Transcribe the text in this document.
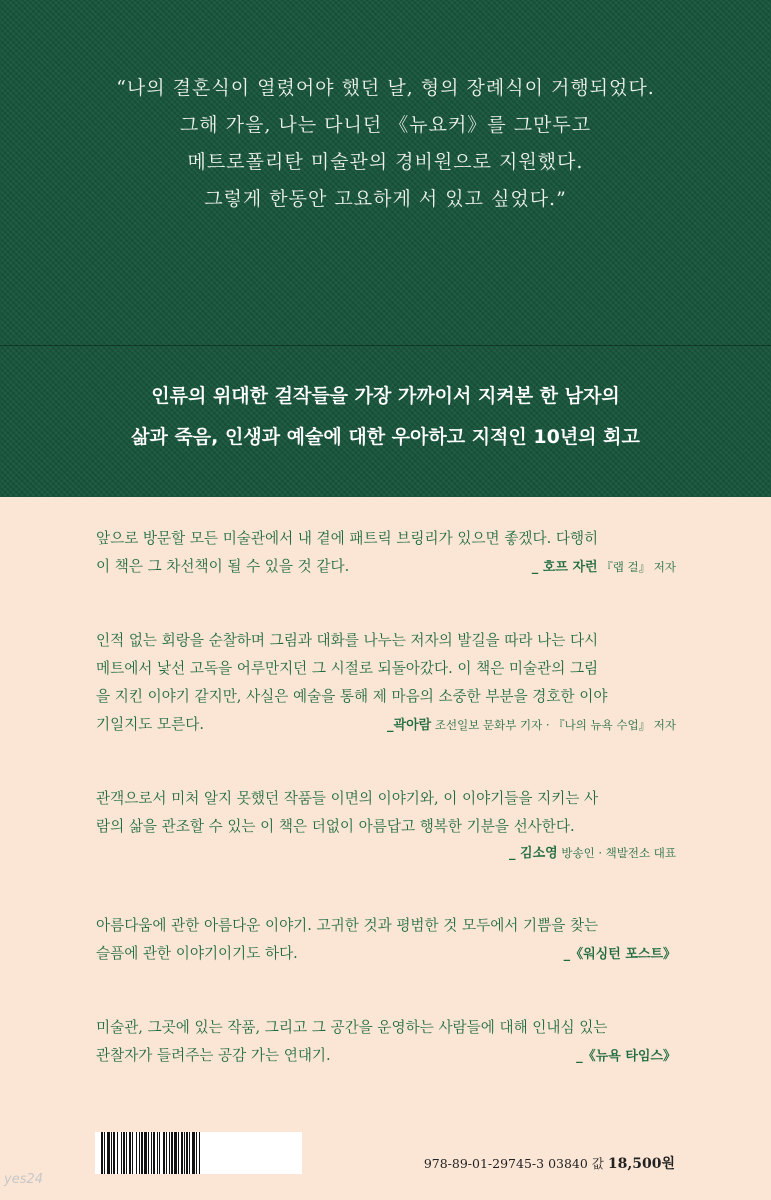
“나의 결혼식이 열렸어야 했던 날, 형의 장례식이 거행되었다.
그해 가을, 나는 다니던 《뉴요커》를 그만두고
메트로폴리탄 미술관의 경비원으로 지원했다.
그렇게 한동안 고요하게 서 있고 싶었다.”
인류의 위대한 걸작들을 가장 가까이서 지켜본 한 남자의
삶과 죽음, 인생과 예술에 대한 우아하고 지적인 10년의 회고
앞으로 방문할 모든 미술관에서 내 곁에 패트릭 브링리가 있으면 좋겠다. 다행히
이 책은 그 차선책이 될 수 있을 것 같다.	_ 호프 자런 『랩 걸』 저자
인적 없는 회랑을 순찰하며 그림과 대화를 나누는 저자의 발길을 따라 나는 다시
메트에서 낯선 고독을 어루만지던 그 시절로 되돌아갔다. 이 책은 미술관의 그림
을 지킨 이야기 같지만, 사실은 예술을 통해 제 마음의 소중한 부분을 경호한 이야
기일지도 모른다.	_곽아람 조선일보 문화부 기자 · 『나의 뉴욕 수업』 저자
관객으로서 미처 알지 못했던 작품들 이면의 이야기와, 이 이야기들을 지키는 사
람의 삶을 관조할 수 있는 이 책은 더없이 아름답고 행복한 기분을 선사한다.
_ 김소영 방송인 · 책발전소 대표
아름다움에 관한 아름다운 이야기. 고귀한 것과 평범한 것 모두에서 기쁨을 찾는
슬픔에 관한 이야기이기도 하다.	_《워싱턴 포스트》
미술관, 그곳에 있는 작품, 그리고 그 공간을 운영하는 사람들에 대해 인내심 있는
관찰자가 들려주는 공감 가는 연대기.	_《뉴욕 타임스》
978-89-01-29745-3 03840 값 18,500원
yes24
